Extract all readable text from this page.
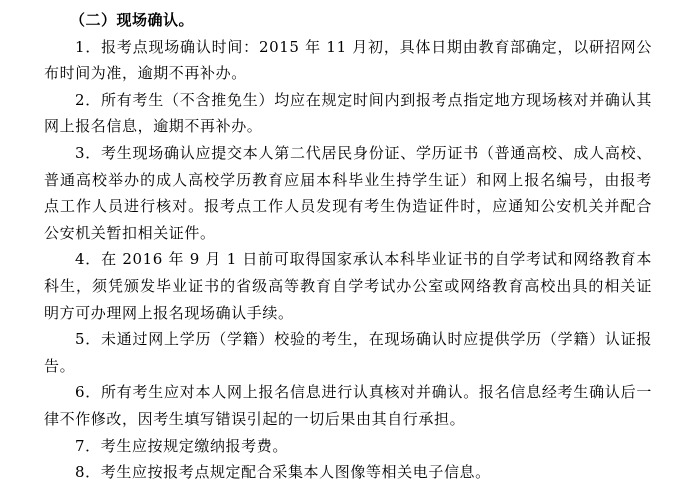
（二）现场确认。

1．报考点现场确认时间：2015 年 11 月初，具体日期由教育部确定，以研招网公布时间为准，逾期不再补办。

2．所有考生（不含推免生）均应在规定时间内到报考点指定地方现场核对并确认其网上报名信息，逾期不再补办。

3．考生现场确认应提交本人第二代居民身份证、学历证书（普通高校、成人高校、普通高校举办的成人高校学历教育应届本科毕业生持学生证）和网上报名编号，由报考点工作人员进行核对。报考点工作人员发现有考生伪造证件时，应通知公安机关并配合公安机关暂扣相关证件。

4．在 2016 年 9 月 1 日前可取得国家承认本科毕业证书的自学考试和网络教育本科生，须凭颁发毕业证书的省级高等教育自学考试办公室或网络教育高校出具的相关证明方可办理网上报名现场确认手续。

5．未通过网上学历（学籍）校验的考生，在现场确认时应提供学历（学籍）认证报告。

6．所有考生应对本人网上报名信息进行认真核对并确认。报名信息经考生确认后一律不作修改，因考生填写错误引起的一切后果由其自行承担。

7．考生应按规定缴纳报考费。

8．考生应按报考点规定配合采集本人图像等相关电子信息。
